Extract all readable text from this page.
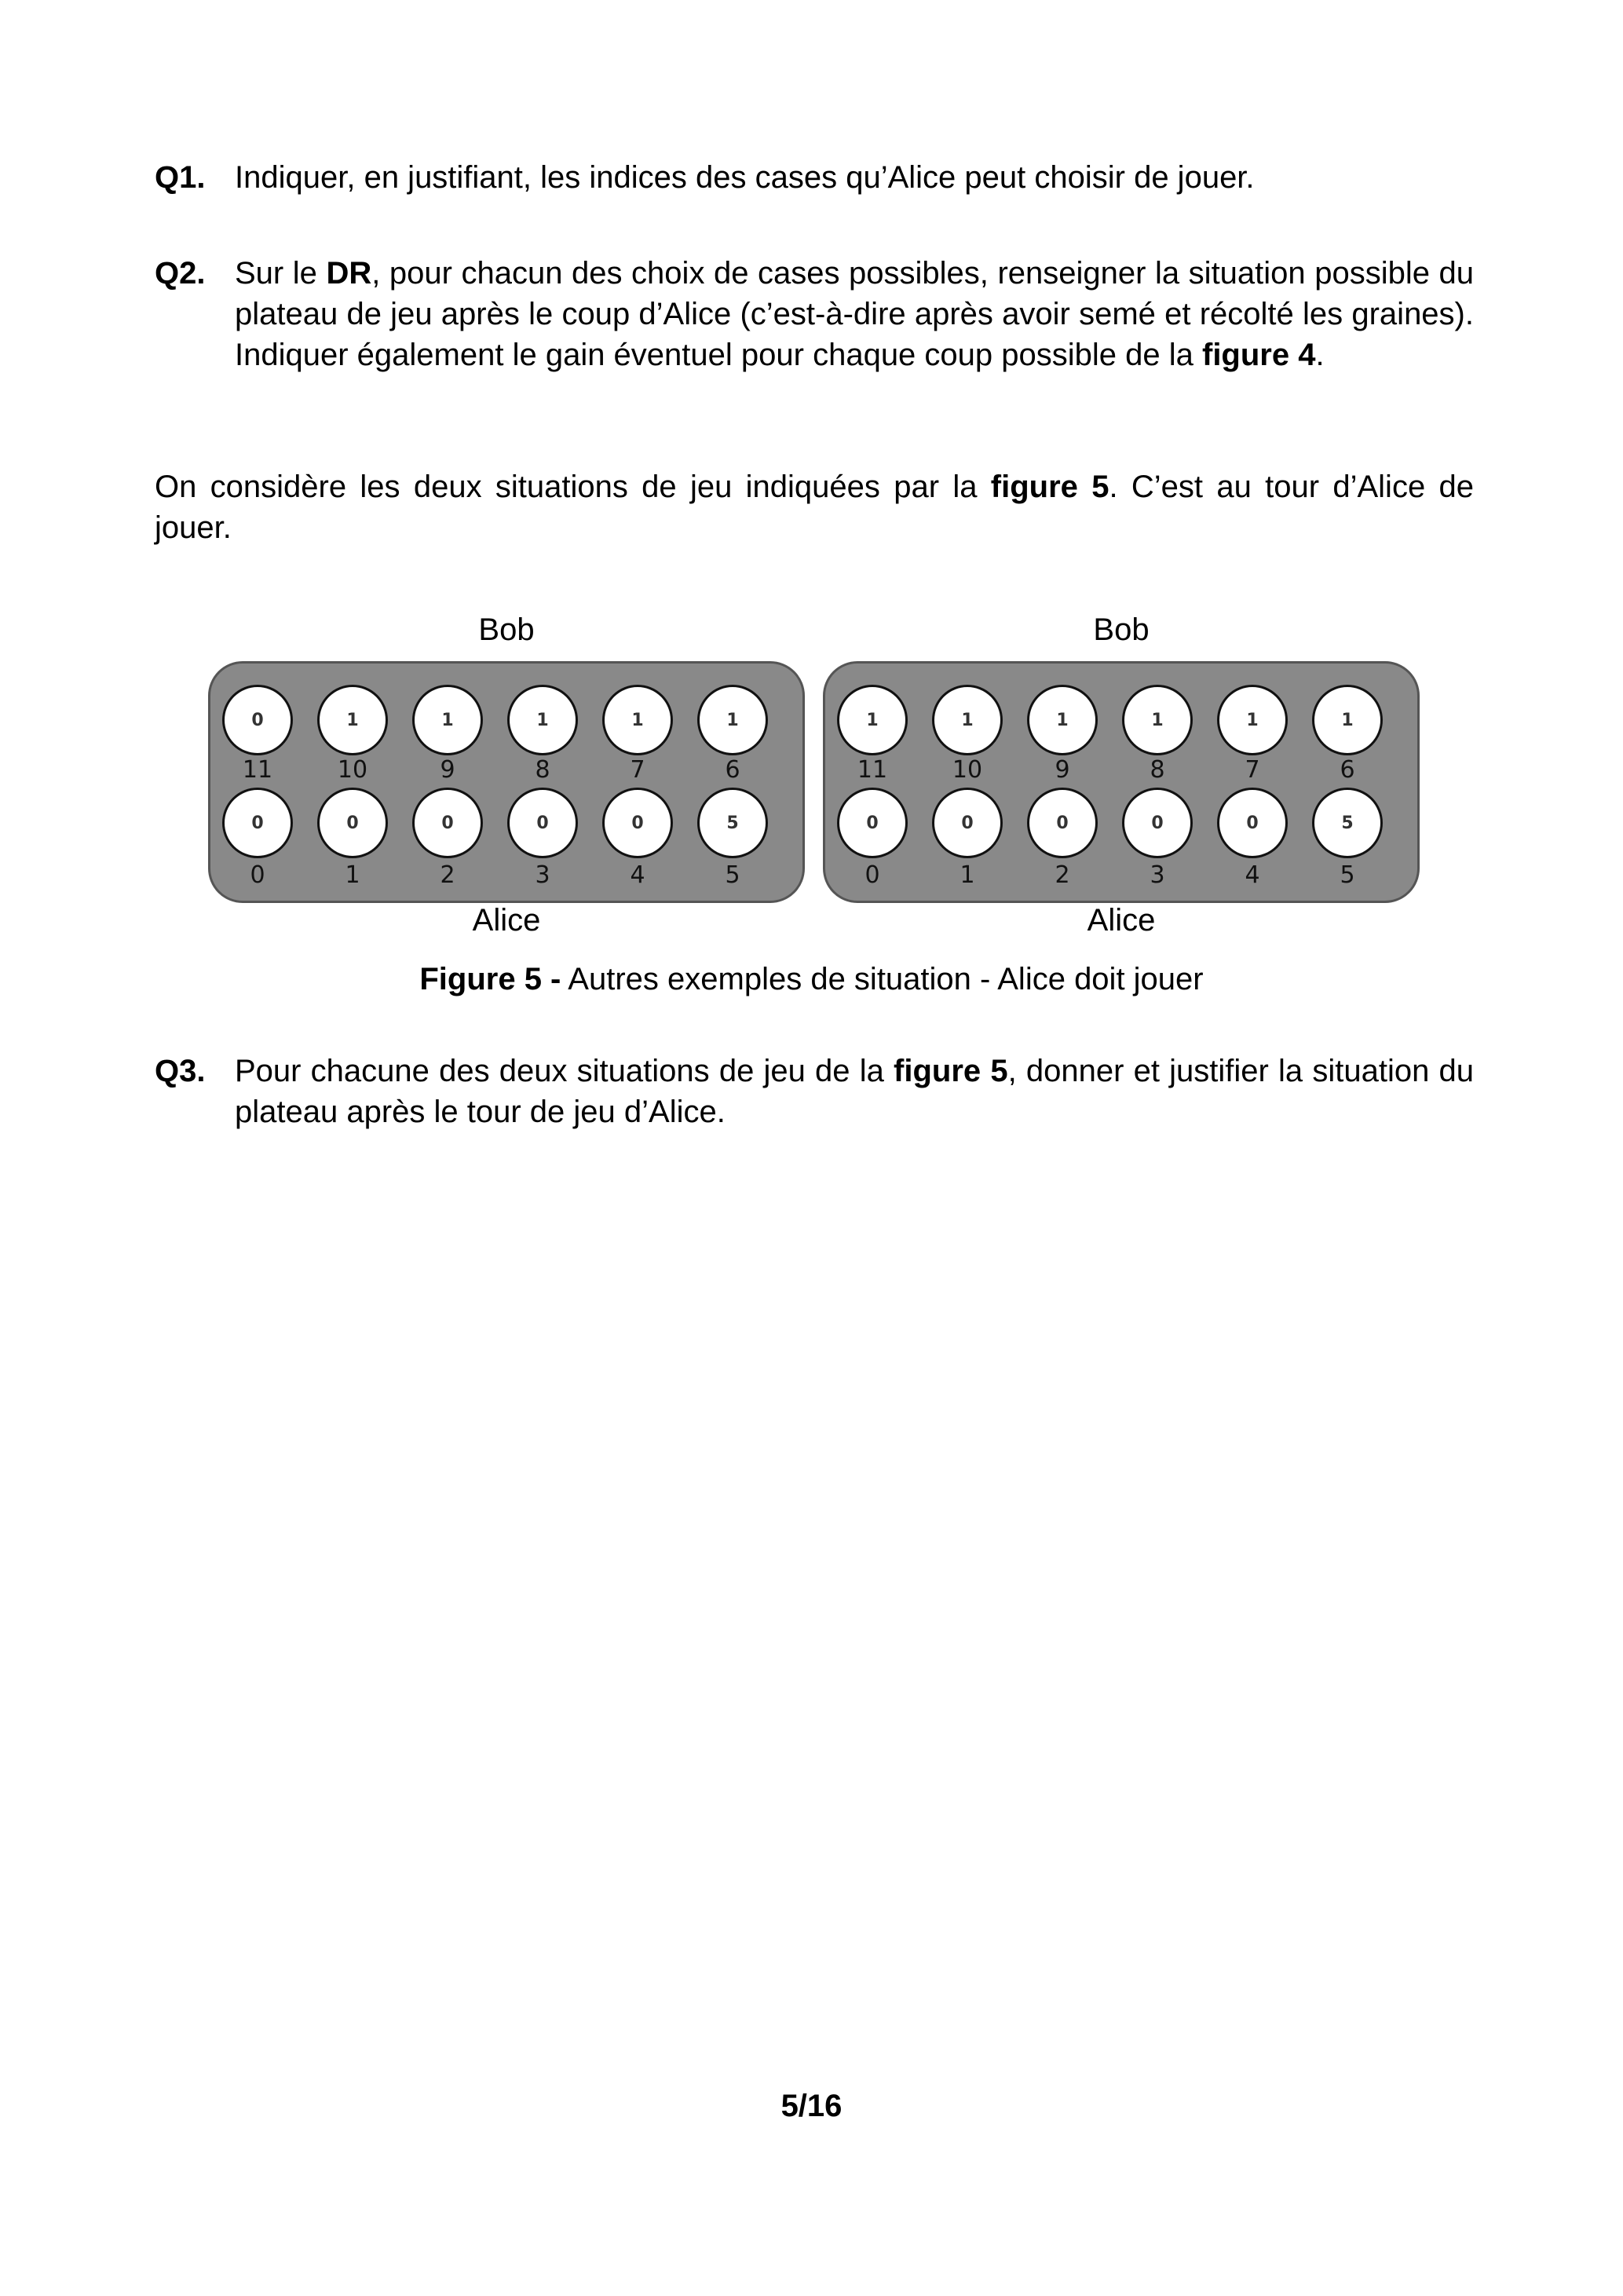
Q1. Indiquer, en justifiant, les indices des cases qu’Alice peut choisir de jouer.
Q2. Sur le DR, pour chacun des choix de cases possibles, renseigner la situation possible du plateau de jeu après le coup d’Alice (c’est-à-dire après avoir semé et récolté les graines). Indiquer également le gain éventuel pour chaque coup possible de la figure 4.
On considère les deux situations de jeu indiquées par la figure 5. C’est au tour d’Alice de jouer.
Bob
0
11
1
10
1
9
1
8
1
7
1
6
0
0
0
1
0
2
0
3
0
4
5
5
Alice
Bob
1
11
1
10
1
9
1
8
1
7
1
6
0
0
0
1
0
2
0
3
0
4
5
5
Alice
Figure 5 - Autres exemples de situation - Alice doit jouer
Q3. Pour chacune des deux situations de jeu de la figure 5, donner et justifier la situation du plateau après le tour de jeu d’Alice.
5/16
